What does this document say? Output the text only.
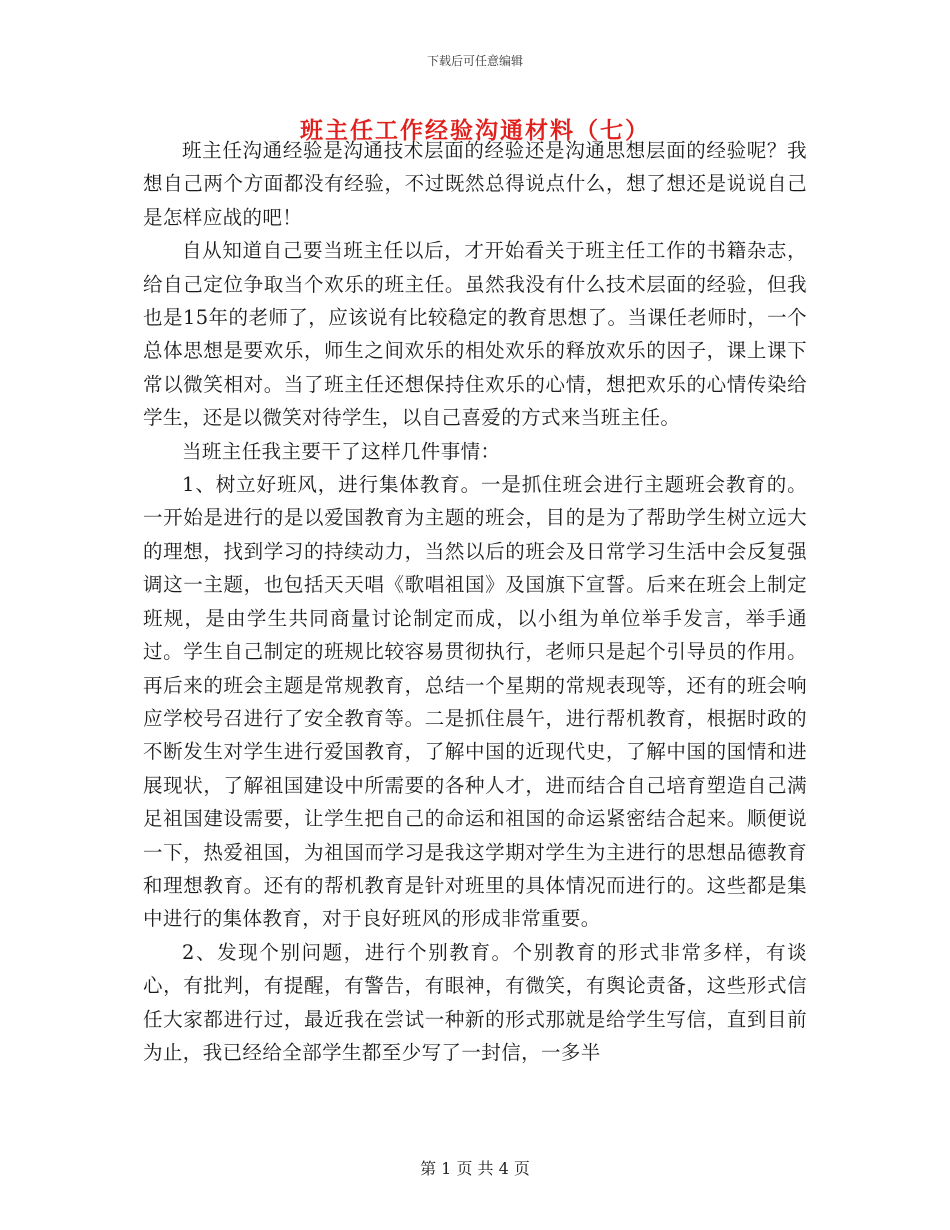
下载后可任意编辑
班主任工作经验沟通材料（七）

班主任沟通经验是沟通技术层面的经验还是沟通思想层面的经验呢？我想自己两个方面都没有经验，不过既然总得说点什么，想了想还是说说自己是怎样应战的吧！

自从知道自己要当班主任以后，才开始看关于班主任工作的书籍杂志，给自己定位争取当个欢乐的班主任。虽然我没有什么技术层面的经验，但我也是15年的老师了，应该说有比较稳定的教育思想了。当课任老师时，一个总体思想是要欢乐，师生之间欢乐的相处欢乐的释放欢乐的因子，课上课下常以微笑相对。当了班主任还想保持住欢乐的心情，想把欢乐的心情传染给学生，还是以微笑对待学生，以自己喜爱的方式来当班主任。

当班主任我主要干了这样几件事情：

1、树立好班风，进行集体教育。一是抓住班会进行主题班会教育的。一开始是进行的是以爱国教育为主题的班会，目的是为了帮助学生树立远大的理想，找到学习的持续动力，当然以后的班会及日常学习生活中会反复强调这一主题，也包括天天唱《歌唱祖国》及国旗下宣誓。后来在班会上制定班规，是由学生共同商量讨论制定而成，以小组为单位举手发言，举手通过。学生自己制定的班规比较容易贯彻执行，老师只是起个引导员的作用。再后来的班会主题是常规教育，总结一个星期的常规表现等，还有的班会响应学校号召进行了安全教育等。二是抓住晨午，进行帮机教育，根据时政的不断发生对学生进行爱国教育，了解中国的近现代史，了解中国的国情和进展现状，了解祖国建设中所需要的各种人才，进而结合自己培育塑造自己满足祖国建设需要，让学生把自己的命运和祖国的命运紧密结合起来。顺便说一下，热爱祖国，为祖国而学习是我这学期对学生为主进行的思想品德教育和理想教育。还有的帮机教育是针对班里的具体情况而进行的。这些都是集中进行的集体教育，对于良好班风的形成非常重要。

2、发现个别问题，进行个别教育。个别教育的形式非常多样，有谈心，有批判，有提醒，有警告，有眼神，有微笑，有舆论责备，这些形式信任大家都进行过，最近我在尝试一种新的形式那就是给学生写信，直到目前为止，我已经给全部学生都至少写了一封信，一多半

第 1 页 共 4 页
